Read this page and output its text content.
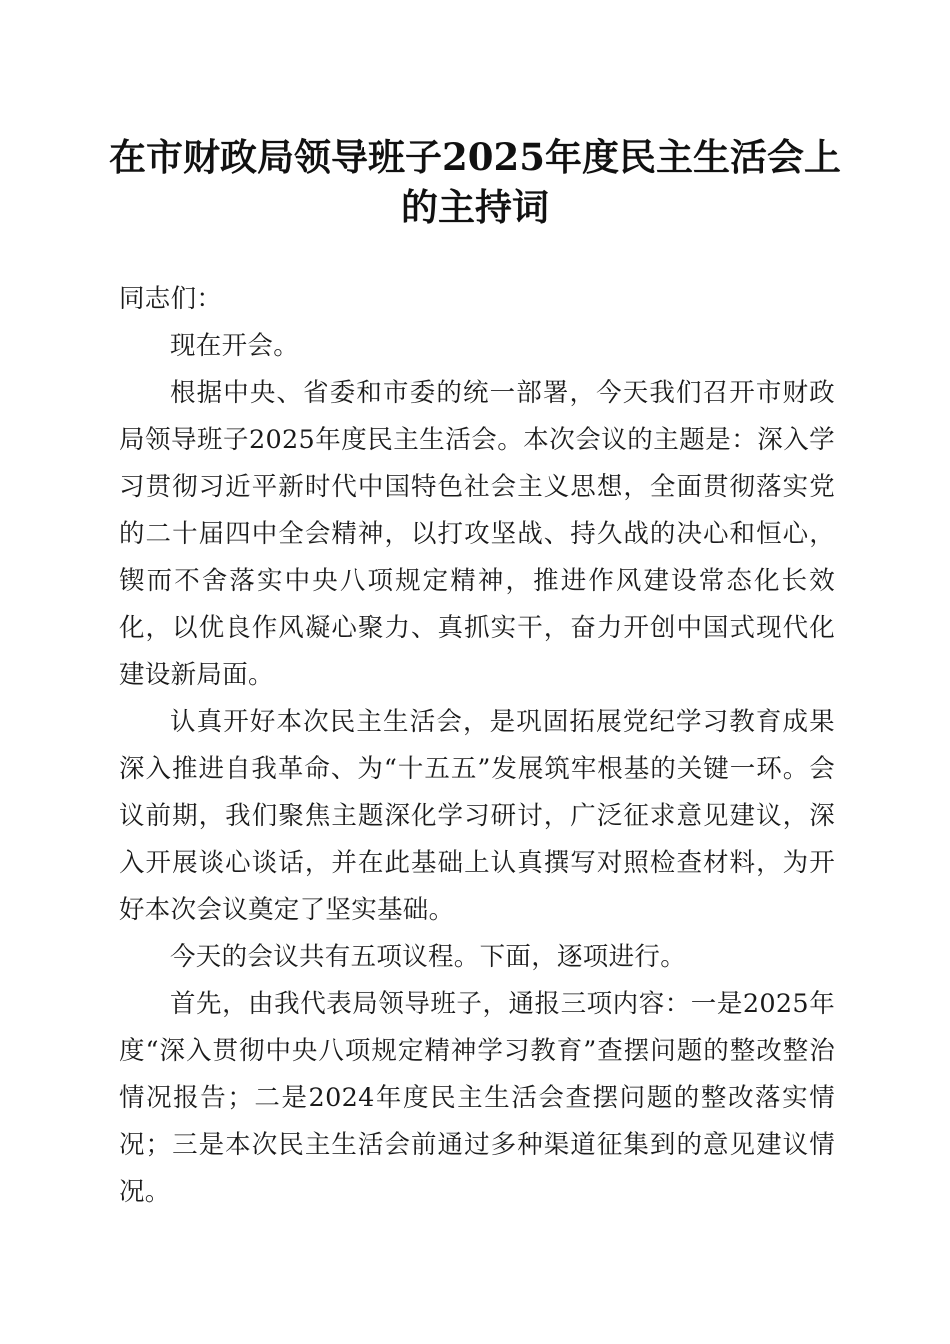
在市财政局领导班子2025年度民主生活会上
的主持词

同志们：

现在开会。

根据中央、省委和市委的统一部署，今天我们召开市财政局领导班子2025年度民主生活会。本次会议的主题是：深入学习贯彻习近平新时代中国特色社会主义思想，全面贯彻落实党的二十届四中全会精神，以打攻坚战、持久战的决心和恒心，锲而不舍落实中央八项规定精神，推进作风建设常态化长效化，以优良作风凝心聚力、真抓实干，奋力开创中国式现代化建设新局面。

认真开好本次民主生活会，是巩固拓展党纪学习教育成果深入推进自我革命、为“十五五”发展筑牢根基的关键一环。会议前期，我们聚焦主题深化学习研讨，广泛征求意见建议，深入开展谈心谈话，并在此基础上认真撰写对照检查材料，为开好本次会议奠定了坚实基础。

今天的会议共有五项议程。下面，逐项进行。

首先，由我代表局领导班子，通报三项内容：一是2025年度“深入贯彻中央八项规定精神学习教育”查摆问题的整改整治情况报告；二是2024年度民主生活会查摆问题的整改落实情况；三是本次民主生活会前通过多种渠道征集到的意见建议情况。
